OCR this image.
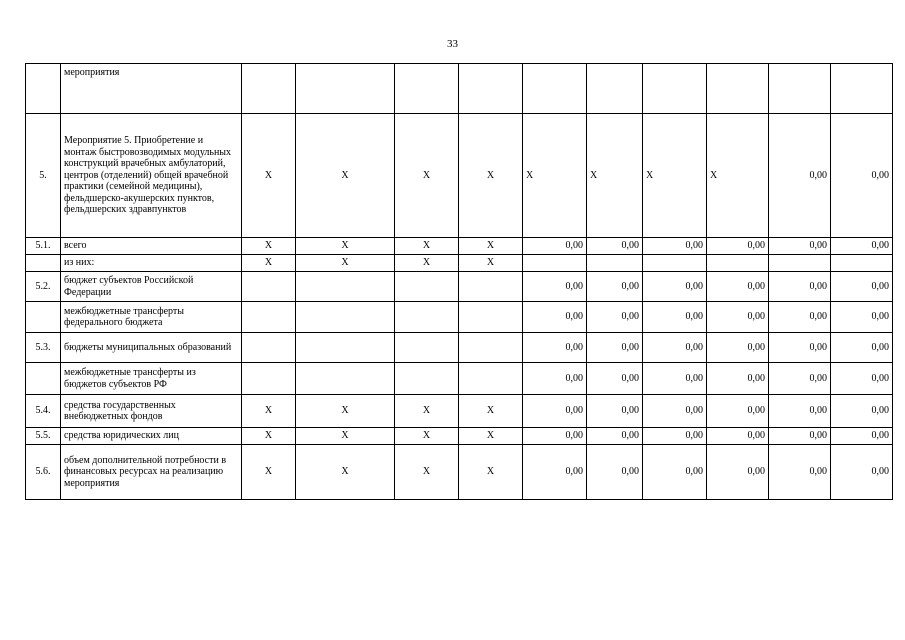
33
	мероприятия										
5.	Мероприятие 5. Приобретение и монтаж быстровозводимых модульных конструкций врачебных амбулаторий, центров (отделений) общей врачебной практики (семейной медицины), фельдшерско-акушерских пунктов, фельдшерских здравпунктов	Х	Х	Х	Х	Х	Х	Х	Х	0,00	0,00
5.1.	всего	Х	Х	Х	Х	0,00	0,00	0,00	0,00	0,00	0,00
	из них:	Х	Х	Х	Х						
5.2.	бюджет субъектов Российской Федерации					0,00	0,00	0,00	0,00	0,00	0,00
	межбюджетные трансферты федерального бюджета					0,00	0,00	0,00	0,00	0,00	0,00
5.3.	бюджеты муниципальных образований					0,00	0,00	0,00	0,00	0,00	0,00
	межбюджетные трансферты из бюджетов субъектов РФ					0,00	0,00	0,00	0,00	0,00	0,00
5.4.	средства государственных внебюджетных фондов	Х	Х	Х	Х	0,00	0,00	0,00	0,00	0,00	0,00
5.5.	средства юридических лиц	Х	Х	Х	Х	0,00	0,00	0,00	0,00	0,00	0,00
5.6.	объем дополнительной потребности в финансовых ресурсах на реализацию мероприятия	Х	Х	Х	Х	0,00	0,00	0,00	0,00	0,00	0,00
